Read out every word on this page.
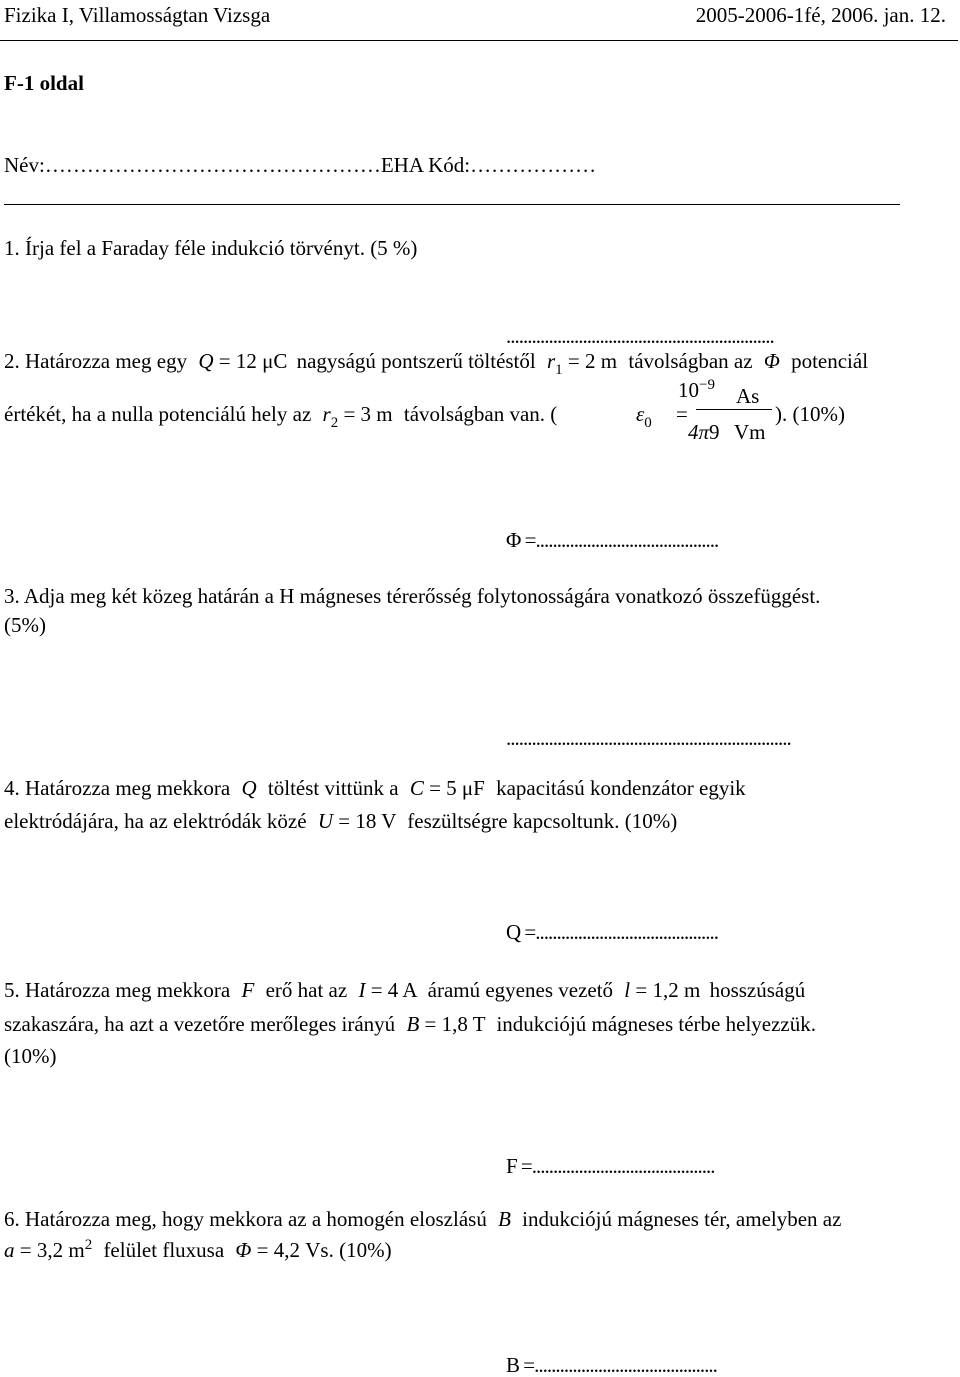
Fizika I, Villamosságtan Vizsga	2005-2006-1fé, 2006. jan. 12.
F-1 oldal
Név:…………………………………………EHA Kód:………………
1. Írja fel a Faraday féle indukció törvényt. (5 %)
...............................................................
2. Határozza meg egy Q = 12 μC nagyságú pontszerű töltéstől $r_1 = 2$ m távolságban az Φ potenciál
értékét, ha a nulla potenciálú hely az $r_2 = 3$ m távolságban van. (	$\varepsilon_0$ =
$10^{-9}$
4π9
As
Vm
). (10%)
Φ =...........................................
3. Adja meg két közeg határán a H mágneses térerősség folytonosságára vonatkozó összefüggést.
(5%)
...................................................................
4. Határozza meg mekkora Q töltést vittünk a C = 5 μF kapacitású kondenzátor egyik
elektródájára, ha az elektródák közé U = 18 V feszültségre kapcsoltunk. (10%)
Q =...........................................
5. Határozza meg mekkora F erő hat az I = 4 A áramú egyenes vezető l = 1,2 m hosszúságú
szakaszára, ha azt a vezetőre merőleges irányú B = 1,8 T indukciójú mágneses térbe helyezzük.
(10%)
F =...........................................
6. Határozza meg, hogy mekkora az a homogén eloszlású B indukciójú mágneses tér, amelyben az
a = 3,2 $m^2$ felület fluxusa Φ = 4,2 Vs. (10%)
B =...........................................
